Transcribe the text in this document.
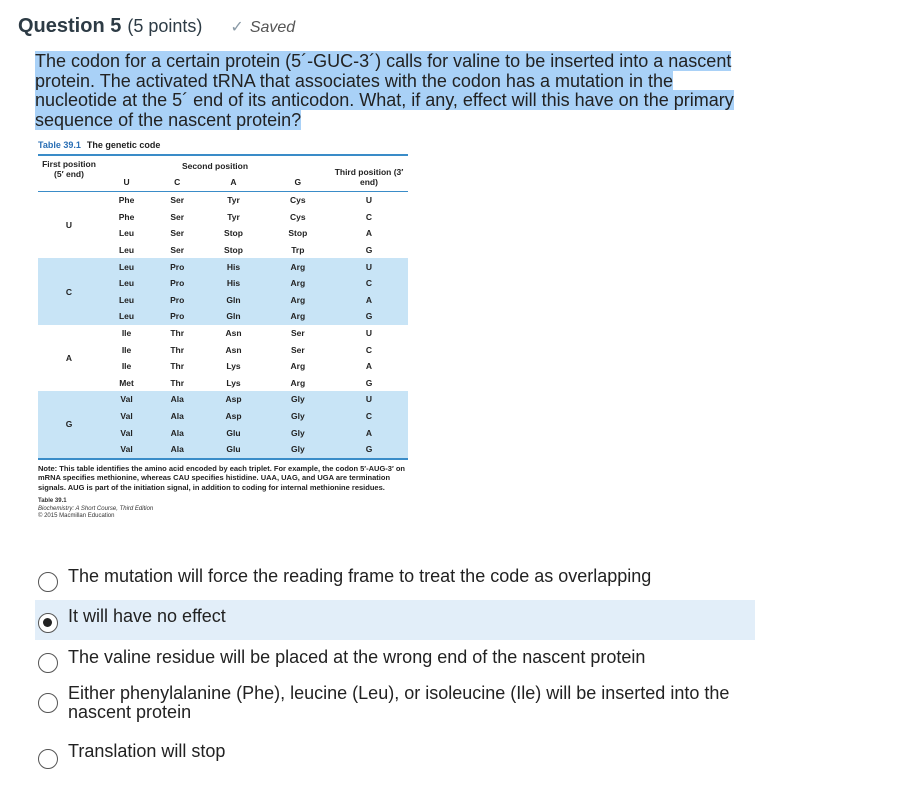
Question 5 (5 points) ✓ Saved
The codon for a certain protein (5´-GUC-3´) calls for valine to be inserted into a nascent protein. The activated tRNA that associates with the codon has a mutation in the nucleotide at the 5´ end of its anticodon. What, if any, effect will this have on the primary sequence of the nascent protein?
Table 39.1 The genetic code
First position (5′ end)	Second position				Third position (3′ end)
	U	C	A	G	
U	Phe	Ser	Tyr	Cys	U
	Phe	Ser	Tyr	Cys	C
	Leu	Ser	Stop	Stop	A
	Leu	Ser	Stop	Trp	G
C	Leu	Pro	His	Arg	U
	Leu	Pro	His	Arg	C
	Leu	Pro	Gln	Arg	A
	Leu	Pro	Gln	Arg	G
A	Ile	Thr	Asn	Ser	U
	Ile	Thr	Asn	Ser	C
	Ile	Thr	Lys	Arg	A
	Met	Thr	Lys	Arg	G
G	Val	Ala	Asp	Gly	U
	Val	Ala	Asp	Gly	C
	Val	Ala	Glu	Gly	A
	Val	Ala	Glu	Gly	G
Note: This table identifies the amino acid encoded by each triplet. For example, the codon 5′-AUG-3′ on mRNA specifies methionine, whereas CAU specifies histidine. UAA, UAG, and UGA are termination signals. AUG is part of the initiation signal, in addition to coding for internal methionine residues.
Table 39.1
Biochemistry: A Short Course, Third Edition
© 2015 Macmillan Education
The mutation will force the reading frame to treat the code as overlapping
It will have no effect
The valine residue will be placed at the wrong end of the nascent protein
Either phenylalanine (Phe), leucine (Leu), or isoleucine (Ile) will be inserted into the nascent protein
Translation will stop
